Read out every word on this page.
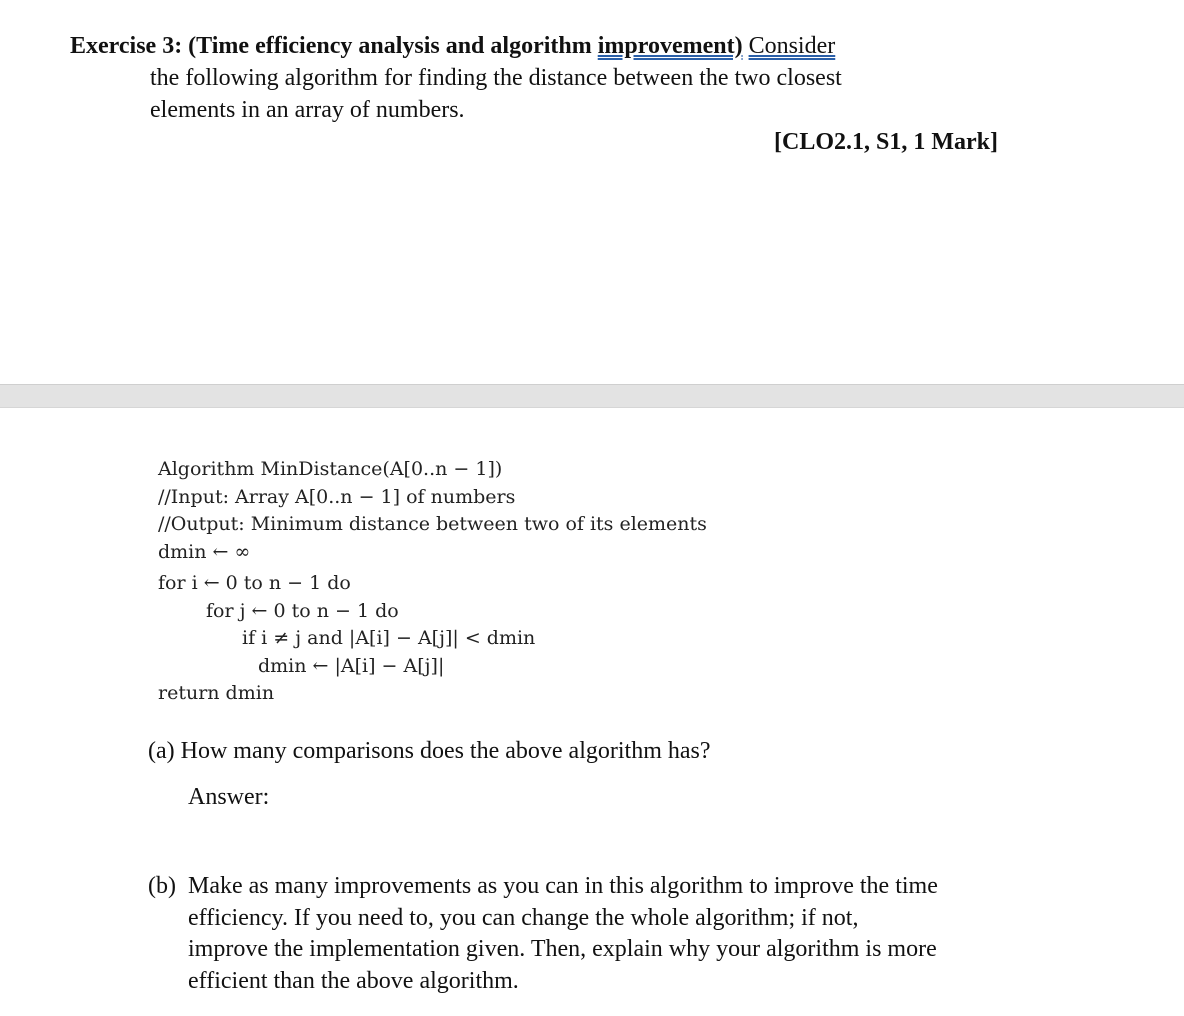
Exercise 3: (Time efficiency analysis and algorithm improvement) Consider
the following algorithm for finding the distance between the two closest
elements in an array of numbers.
[CLO2.1, S1, 1 Mark]
Algorithm MinDistance(A[0..n − 1])
//Input: Array A[0..n − 1] of numbers
//Output: Minimum distance between two of its elements
dmin ← ∞
for i ← 0 to n − 1 do
for j ← 0 to n − 1 do
if i ≠ j and |A[i] − A[j]| < dmin
dmin ← |A[i] − A[j]|
return dmin
(a) How many comparisons does the above algorithm has?
Answer:
(b) Make as many improvements as you can in this algorithm to improve the time
efficiency. If you need to, you can change the whole algorithm; if not,
improve the implementation given. Then, explain why your algorithm is more
efficient than the above algorithm.
